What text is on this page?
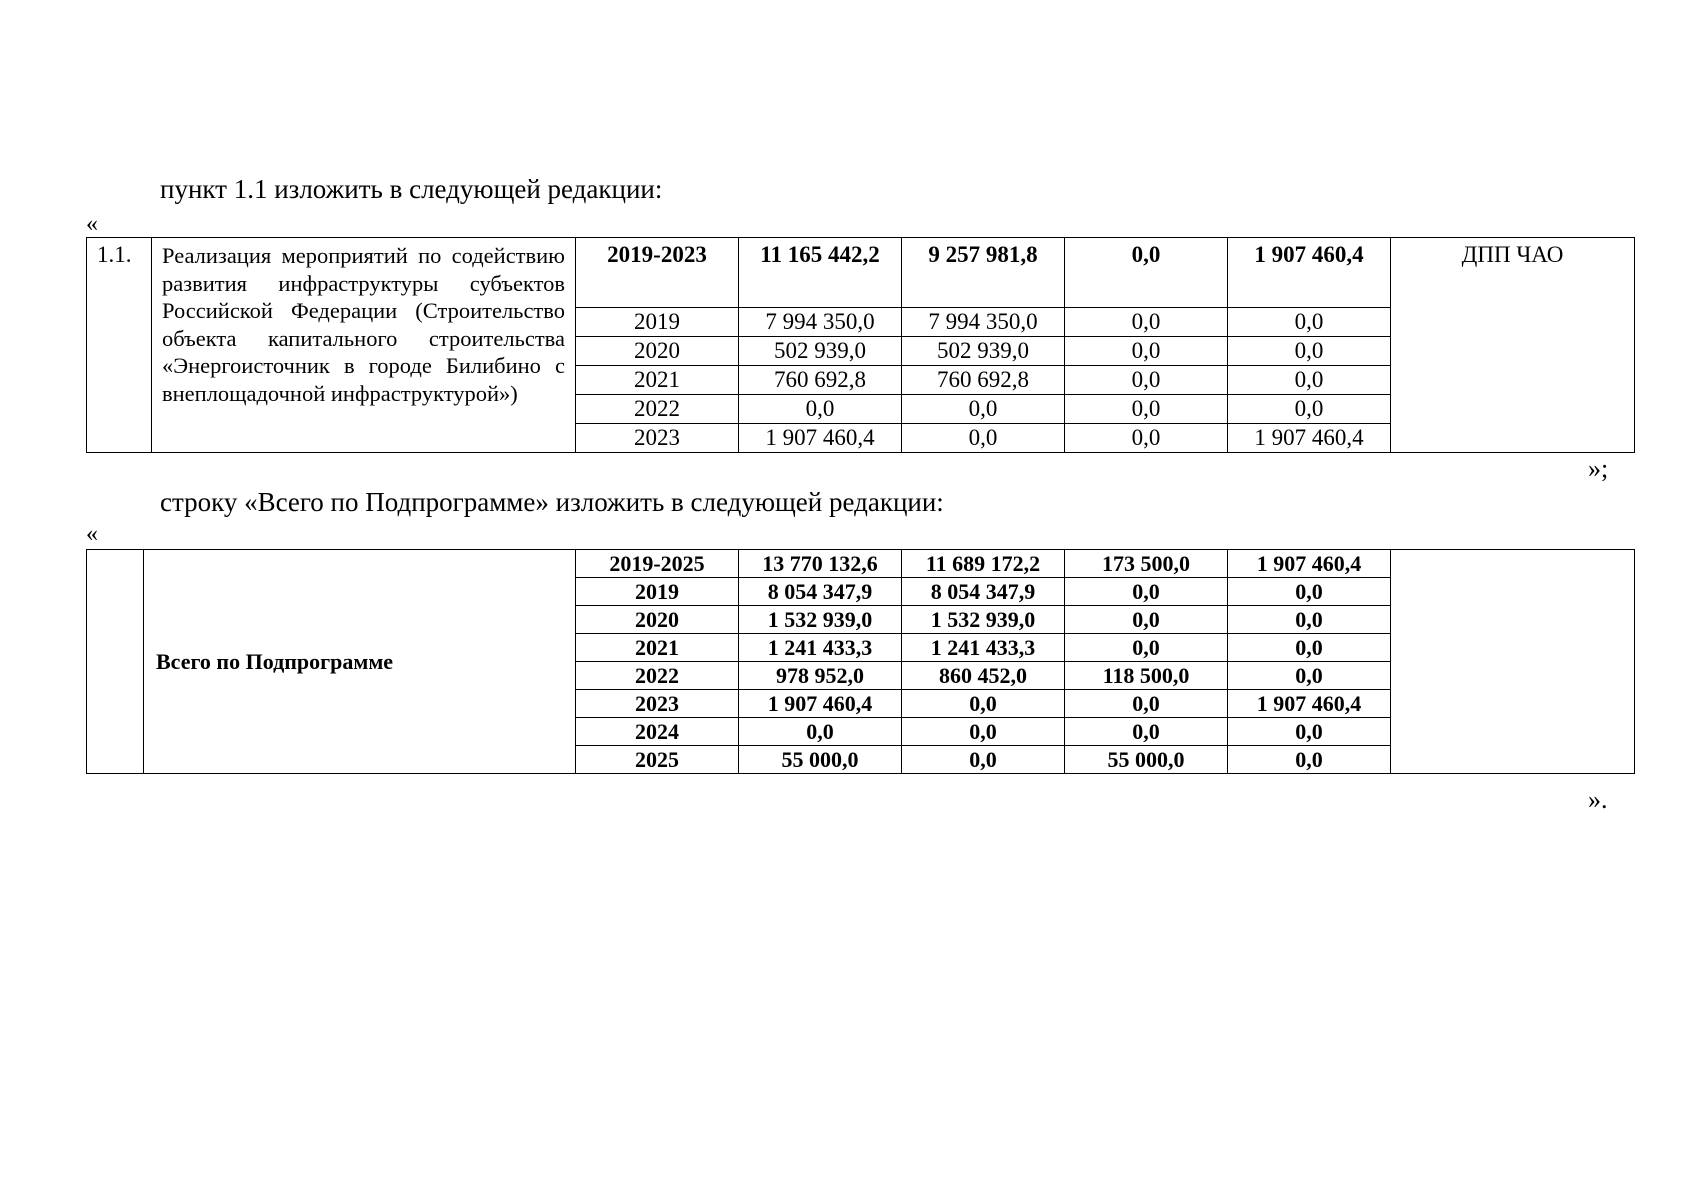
пункт 1.1 изложить в следующей редакции:
«
1.1.	Реализация мероприятий по содействию развития инфраструктуры субъектов Российской Федерации (Строительство объекта капитального строительства «Энергоисточник в городе Билибино с внеплощадочной инфраструктурой»)	2019-2023	11 165 442,2	9 257 981,8	0,0	1 907 460,4	ДПП ЧАО
		2019	7 994 350,0	7 994 350,0	0,0	0,0	
		2020	502 939,0	502 939,0	0,0	0,0	
		2021	760 692,8	760 692,8	0,0	0,0	
		2022	0,0	0,0	0,0	0,0	
		2023	1 907 460,4	0,0	0,0	1 907 460,4	
»;
строку «Всего по Подпрограмме» изложить в следующей редакции:
«
	Всего по Подпрограмме	2019-2025	13 770 132,6	11 689 172,2	173 500,0	1 907 460,4	
		2019	8 054 347,9	8 054 347,9	0,0	0,0	
		2020	1 532 939,0	1 532 939,0	0,0	0,0	
		2021	1 241 433,3	1 241 433,3	0,0	0,0	
		2022	978 952,0	860 452,0	118 500,0	0,0	
		2023	1 907 460,4	0,0	0,0	1 907 460,4	
		2024	0,0	0,0	0,0	0,0	
		2025	55 000,0	0,0	55 000,0	0,0	
».
